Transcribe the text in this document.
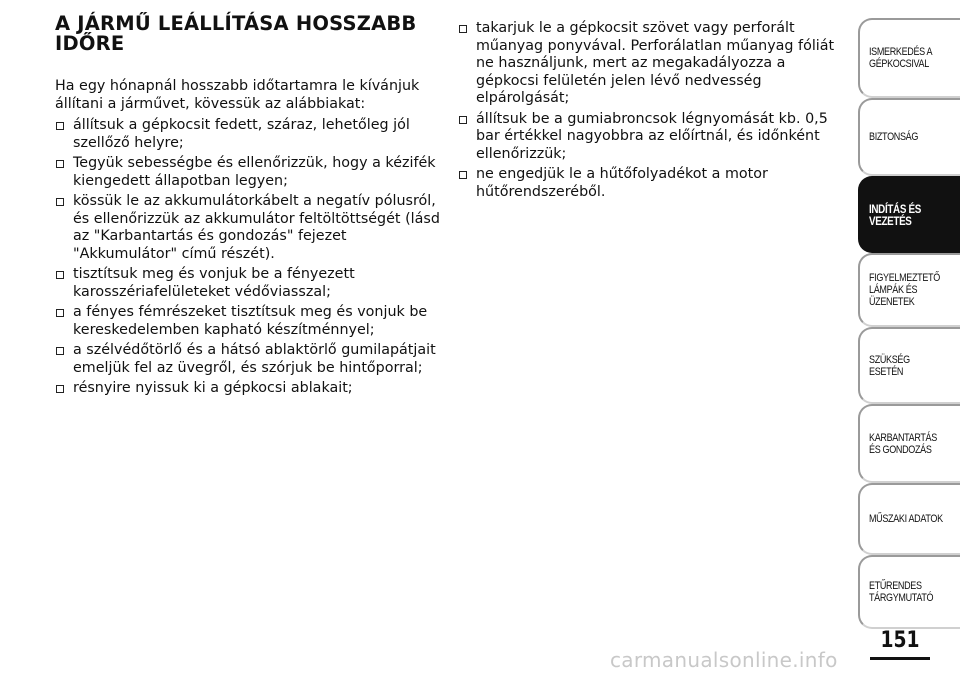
A JÁRMŰ LEÁLLÍTÁSA HOSSZABB IDŐRE

Ha egy hónapnál hosszabb időtartamra le kívánjuk állítani a járművet, kövessük az alábbiakat:

állítsuk a gépkocsit fedett, száraz, lehetőleg jól szellőző helyre;
Tegyük sebességbe és ellenőrizzük, hogy a kézifék kiengedett állapotban legyen;
kössük le az akkumulátorkábelt a negatív pólusról, és ellenőrizzük az akkumulátor feltöltöttségét (lásd az "Karbantartás és gondozás" fejezet "Akkumulátor" című részét).
tisztítsuk meg és vonjuk be a fényezett karosszériafelületeket védőviasszal;
a fényes fémrészeket tisztítsuk meg és vonjuk be kereskedelemben kapható készítménnyel;
a szélvédőtörlő és a hátsó ablaktörlő gumilapátjait emeljük fel az üvegről, és szórjuk be hintőporral;
résnyire nyissuk ki a gépkocsi ablakait;
takarjuk le a gépkocsit szövet vagy perforált műanyag ponyvával. Perforálatlan műanyag fóliát ne használjunk, mert az megakadályozza a gépkocsi felületén jelen lévő nedvesség elpárolgását;
állítsuk be a gumiabroncsok légnyomását kb. 0,5 bar értékkel nagyobbra az előírtnál, és időnként ellenőrizzük;
ne engedjük le a hűtőfolyadékot a motor hűtőrendszeréből.
ISMERKEDÉS A GÉPKOCSIVAL
BIZTONSÁG
INDÍTÁS ÉS VEZETÉS
FIGYELMEZTETŐ LÁMPÁK ÉS ÜZENETEK
SZÜKSÉG ESETÉN
KARBANTARTÁS ÉS GONDOZÁS
MŰSZAKI ADATOK
ETŰRENDES TÁRGYMUTATÓ
151
carmanualsonline.info
